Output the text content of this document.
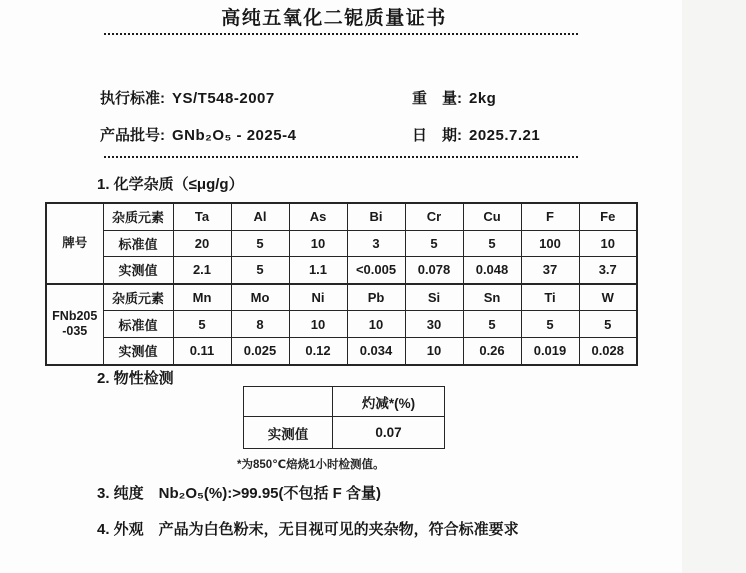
高纯五氧化二铌质量证书
执行标准: YS/T548-2007	重　量: 2kg
产品批号: GNb₂O₅ - 2025-4	日　期: 2025.7.21
1. 化学杂质（≤μg/g）
牌号	杂质元素	Ta	Al	As	Bi	Cr	Cu	F	Fe
	标准值	20	5	10	3	5	5	100	10
	实测值	2.1	5	1.1	<0.005	0.078	0.048	37	3.7

FNb205
-035	杂质元素	Mn	Mo	Ni	Pb	Si	Sn	Ti	W
	标准值	5	8	10	10	30	5	5	5
	实测值	0.11	0.025	0.12	0.034	10	0.26	0.019	0.028
2. 物性检测
	灼减*(%)
实测值	0.07
*为850℃焙烧1小时检测值。
3. 纯度　Nb₂O₅(%):>99.95(不包括 F 含量)
4. 外观　产品为白色粉末，无目视可见的夹杂物，符合标准要求
